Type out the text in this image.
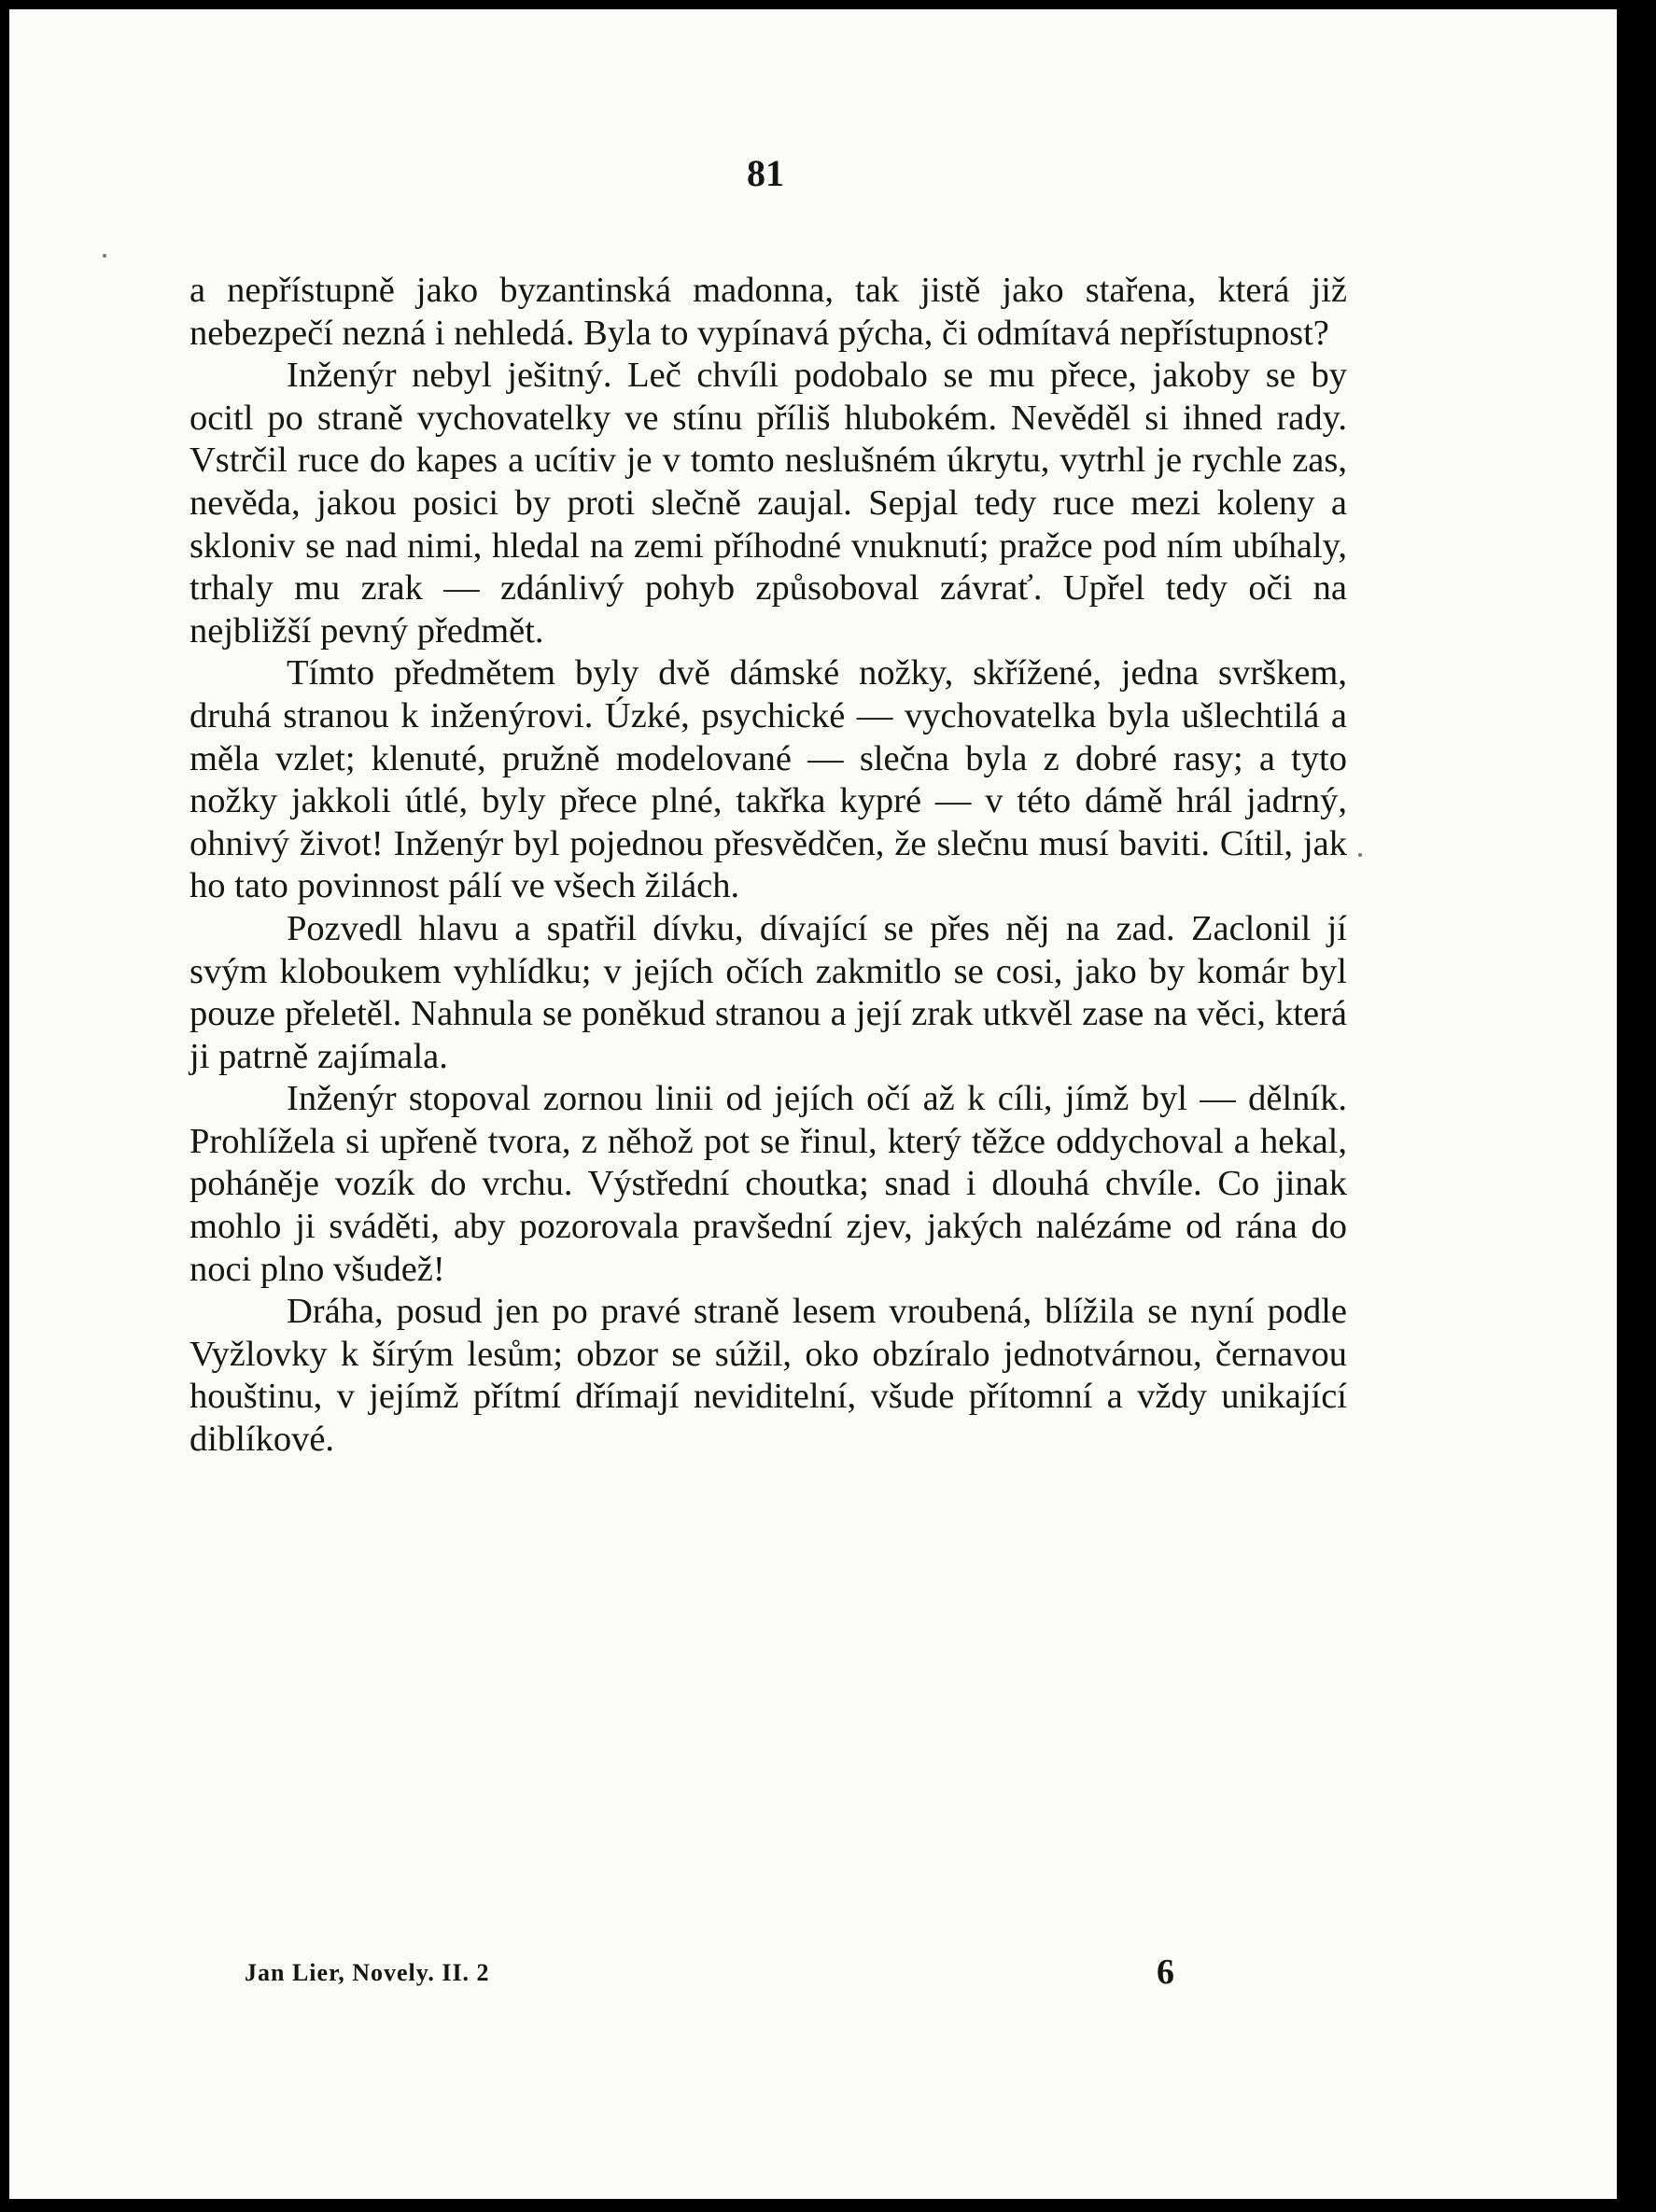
81

a nepřístupně jako byzantinská madonna, tak jistě jako stařena, která již nebezpečí nezná i nehledá. Byla to vypínavá pýcha, či odmítavá nepřístupnost?

Inženýr nebyl ješitný. Leč chvíli podobalo se mu přece, jakoby se by ocitl po straně vychovatelky ve stínu příliš hlubokém. Nevěděl si ihned rady. Vstrčil ruce do kapes a ucítiv je v tomto neslušném úkrytu, vytrhl je rychle zas, nevěda, jakou posici by proti slečně zaujal. Sepjal tedy ruce mezi koleny a skloniv se nad nimi, hledal na zemi příhodné vnuknutí; pražce pod ním ubíhaly, trhaly mu zrak — zdánlivý pohyb způsoboval závrať. Upřel tedy oči na nejbližší pevný předmět.

Tímto předmětem byly dvě dámské nožky, skřížené, jedna svrškem, druhá stranou k inženýrovi. Úzké, psychické — vychovatelka byla ušlechtilá a měla vzlet; klenuté, pružně modelované — slečna byla z dobré rasy; a tyto nožky jakkoli útlé, byly přece plné, takřka kypré — v této dámě hrál jadrný, ohnivý život! Inženýr byl pojednou přesvědčen, že slečnu musí baviti. Cítil, jak ho tato povinnost pálí ve všech žilách.

Pozvedl hlavu a spatřil dívku, dívající se přes něj na zad. Zaclonil jí svým kloboukem vyhlídku; v jejích očích zakmitlo se cosi, jako by komár byl pouze přeletěl. Nahnula se poněkud stranou a její zrak utkvěl zase na věci, která ji patrně zajímala.

Inženýr stopoval zornou linii od jejích očí až k cíli, jímž byl — dělník. Prohlížela si upřeně tvora, z něhož pot se řinul, který těžce oddychoval a hekal, poháněje vozík do vrchu. Výstřední choutka; snad i dlouhá chvíle. Co jinak mohlo ji sváděti, aby pozorovala pravšední zjev, jakých nalézáme od rána do noci plno všudež!

Dráha, posud jen po pravé straně lesem vroubená, blížila se nyní podle Vyžlovky k šírým lesům; obzor se súžil, oko obzíralo jednotvárnou, černavou houštinu, v jejímž přítmí dřímají neviditelní, všude přítomní a vždy unikající diblíkové.

Jan Lier, Novely. II. 2	6
